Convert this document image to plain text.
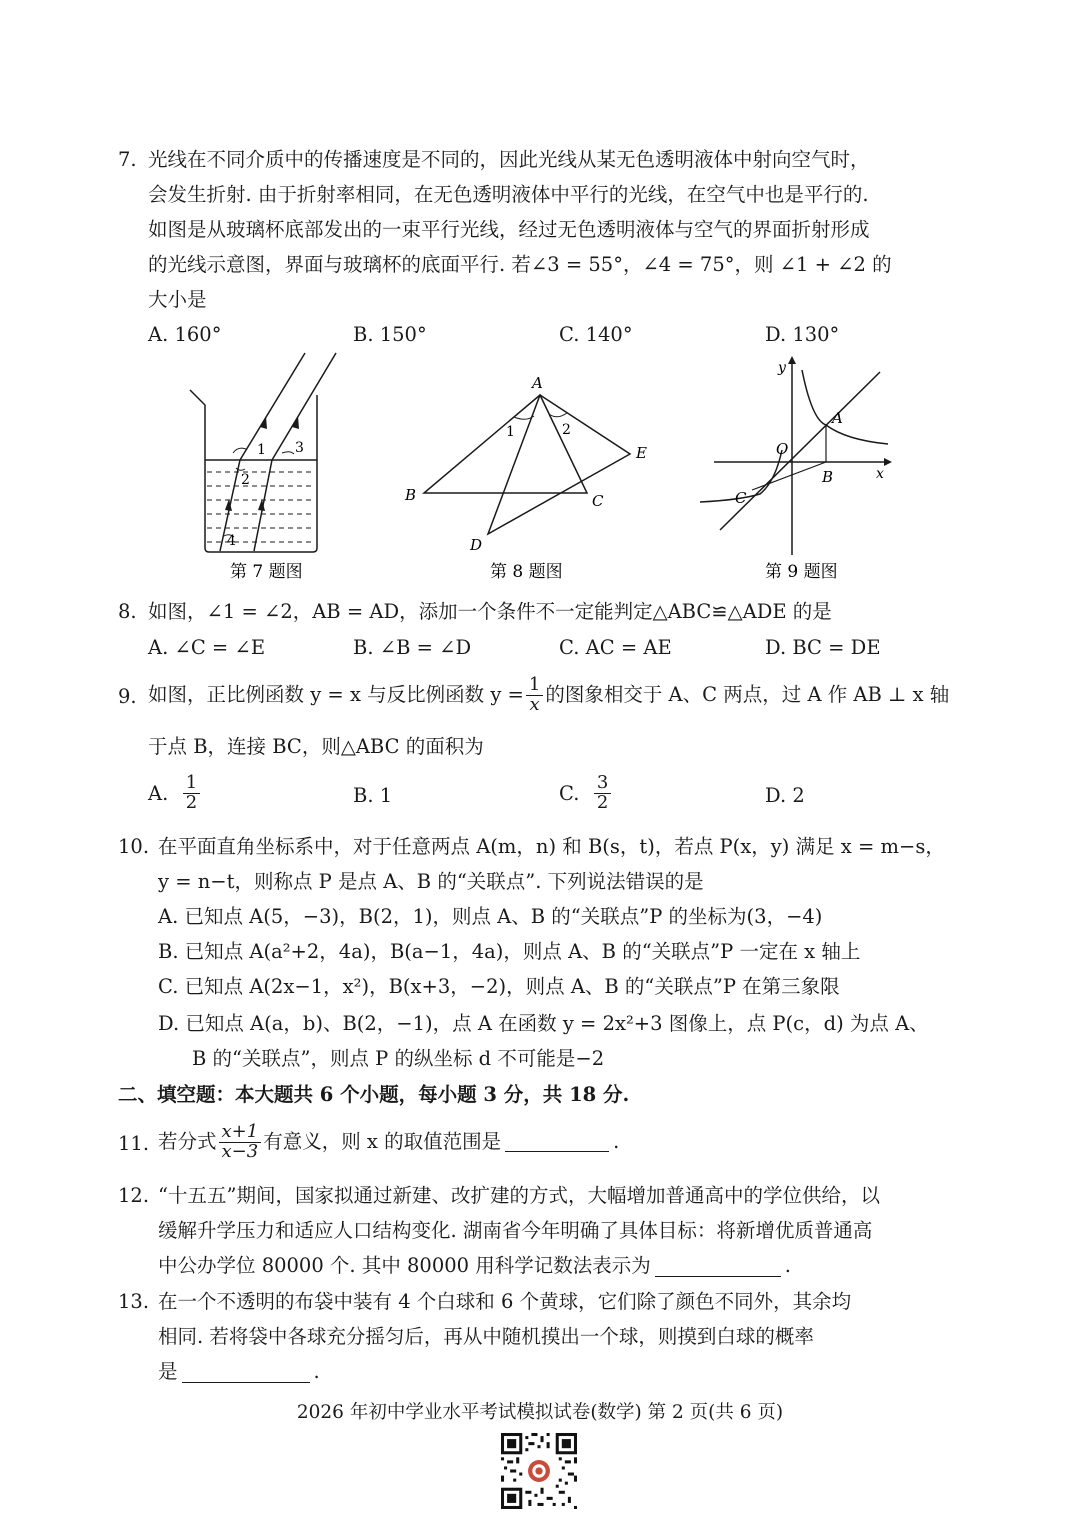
7. 光线在不同介质中的传播速度是不同的，因此光线从某无色透明液体中射向空气时，
会发生折射. 由于折射率相同，在无色透明液体中平行的光线，在空气中也是平行的.
如图是从玻璃杯底部发出的一束平行光线，经过无色透明液体与空气的界面折射形成
的光线示意图，界面与玻璃杯的底面平行. 若∠3 = 55°，∠4 = 75°，则 ∠1 + ∠2 的
大小是
A. 160°	B. 150°	C. 140°	D. 130°
1
2
3
4
第 7 题图
A
B	C
D
E
1	2
第 8 题图
y
x
O
A
B
C
第 9 题图
8. 如图，∠1 = ∠2，AB = AD，添加一个条件不一定能判定△ABC≌△ADE 的是
A. ∠C = ∠E	B. ∠B = ∠D	C. AC = AE	D. BC = DE
9. 如图，正比例函数 y = x 与反比例函数 $y = \frac{1}{x}$ 的图象相交于 A、C 两点，过 A 作 AB ⊥ x 轴
于点 B，连接 BC，则△ABC 的面积为
A.
$\frac{1}{2}$	B. 1	C.
$\frac{3}{2}$	D. 2
10. 在平面直角坐标系中，对于任意两点 A(m，n) 和 B(s，t)，若点 P(x，y) 满足 x = m−s，
y = n−t，则称点 P 是点 A、B 的“关联点”. 下列说法错误的是
A. 已知点 A(5，−3)，B(2，1)，则点 A、B 的“关联点”P 的坐标为(3，−4)
B. 已知点 A(a²+2，4a)，B(a−1，4a)，则点 A、B 的“关联点”P 一定在 x 轴上
C. 已知点 A(2x−1，x²)，B(x+3，−2)，则点 A、B 的“关联点”P 在第三象限
D. 已知点 A(a，b)、B(2，−1)，点 A 在函数 y = 2x²+3 图像上，点 P(c，d) 为点 A、
B 的“关联点”，则点 P 的纵坐标 d 不可能是−2
二、填空题：本大题共 6 个小题，每小题 3 分，共 18 分.
11. 若分式 $\frac{x+1}{x-3}$ 有意义，则 x 的取值范围是	.
12. “十五五”期间，国家拟通过新建、改扩建的方式，大幅增加普通高中的学位供给，以
缓解升学压力和适应人口结构变化. 湖南省今年明确了具体目标：将新增优质普通高
中公办学位 80000 个. 其中 80000 用科学记数法表示为	.
13. 在一个不透明的布袋中装有 4 个白球和 6 个黄球，它们除了颜色不同外，其余均
相同. 若将袋中各球充分摇匀后，再从中随机摸出一个球，则摸到白球的概率
是	.
2026 年初中学业水平考试模拟试卷(数学) 第 2 页(共 6 页)
